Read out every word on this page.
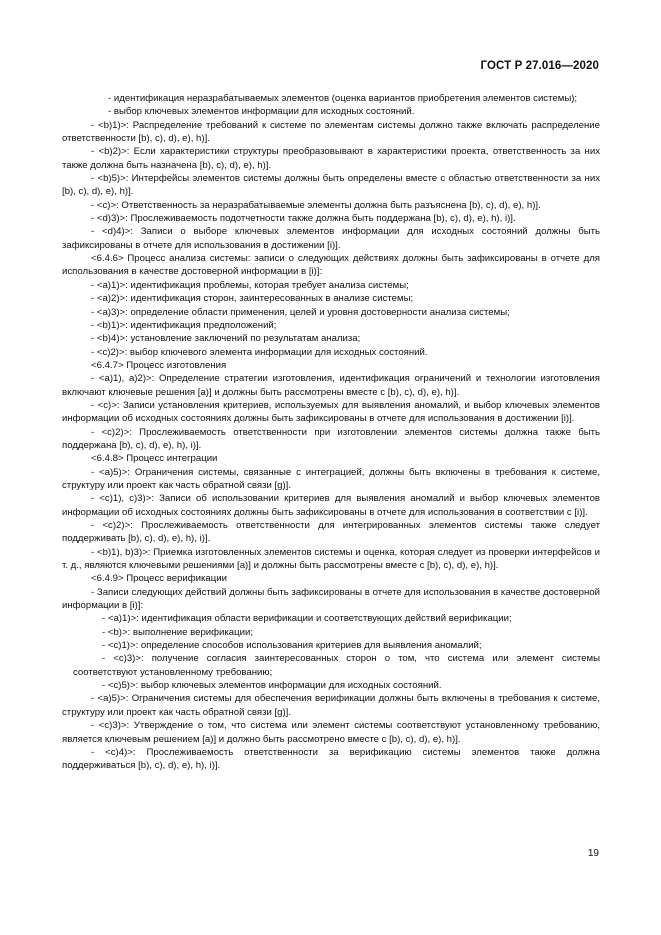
ГОСТ Р 27.016—2020

- идентификация неразрабатываемых элементов (оценка вариантов приобретения элементов системы);

- выбор ключевых элементов информации для исходных состояний.

- <b)1)>: Распределение требований к системе по элементам системы должно также включать распределение ответственности [b), c), d), e), h)].

- <b)2)>: Если характеристики структуры преобразовывают в характеристики проекта, ответственность за них также должна быть назначена [b), c), d), e), h)].

- <b)5)>: Интерфейсы элементов системы должны быть определены вместе с областью ответственности за них [b), c), d), e), h)].

- <c)>: Ответственность за неразрабатываемые элементы должна быть разъяснена [b), c), d), e), h)].

- <d)3)>: Прослеживаемость подотчетности также должна быть поддержана [b), c), d), e), h), i)].

- <d)4)>: Записи о выборе ключевых элементов информации для исходных состояний должны быть зафиксированы в отчете для использования в достижении [i)].

<6.4.6> Процесс анализа системы: записи о следующих действиях должны быть зафиксированы в отчете для использования в качестве достоверной информации в [i)]:

- <a)1)>: идентификация проблемы, которая требует анализа системы;

- <a)2)>: идентификация сторон, заинтересованных в анализе системы;

- <a)3)>: определение области применения, целей и уровня достоверности анализа системы;

- <b)1)>: идентификация предположений;

- <b)4)>: установление заключений по результатам анализа;

- <c)2)>: выбор ключевого элемента информации для исходных состояний.

<6.4.7> Процесс изготовления

- <a)1), a)2)>: Определение стратегии изготовления, идентификация ограничений и технологии изготовления включают ключевые решения [a)] и должны быть рассмотрены вместе с [b), c), d), e), h)].

- <c)>: Записи установления критериев, используемых для выявления аномалий, и выбор ключевых элементов информации об исходных состояниях должны быть зафиксированы в отчете для использования в достижении [i)].

- <c)2)>: Прослеживаемость ответственности при изготовлении элементов системы должна также быть поддержана [b), c), d), e), h), i)].

<6.4.8> Процесс интеграции

- <a)5)>: Ограничения системы, связанные с интеграцией, должны быть включены в требования к системе, структуру или проект как часть обратной связи [g)].

- <c)1), c)3)>: Записи об использовании критериев для выявления аномалий и выбор ключевых элементов информации об исходных состояниях должны быть зафиксированы в отчете для использования в соответствии с [i)].

- <c)2)>: Прослеживаемость ответственности для интегрированных элементов системы также следует поддерживать [b), c), d), e), h), i)].

- <b)1), b)3)>: Приемка изготовленных элементов системы и оценка, которая следует из проверки интерфейсов и т. д., являются ключевыми решениями [a)] и должны быть рассмотрены вместе с [b), c), d), e), h)].

<6.4.9> Процесс верификации

- Записи следующих действий должны быть зафиксированы в отчете для использования в качестве достоверной информации в [i)]:

- <a)1)>: идентификация области верификации и соответствующих действий верификации;

- <b)>: выполнение верификации;

- <c)1)>: определение способов использования критериев для выявления аномалий;

- <c)3)>: получение согласия заинтересованных сторон о том, что система или элемент системы соответствуют установленному требованию;

- <c)5)>: выбор ключевых элементов информации для исходных состояний.

- <a)5)>: Ограничения системы для обеспечения верификации должны быть включены в требования к системе, структуру или проект как часть обратной связи [g)].

- <c)3)>: Утверждение о том, что система или элемент системы соответствуют установленному требованию, является ключевым решением [a)] и должно быть рассмотрено вместе с [b), c), d), e), h)].

- <c)4)>: Прослеживаемость ответственности за верификацию системы элементов также должна поддерживаться [b), c), d), e), h), i)].

19
